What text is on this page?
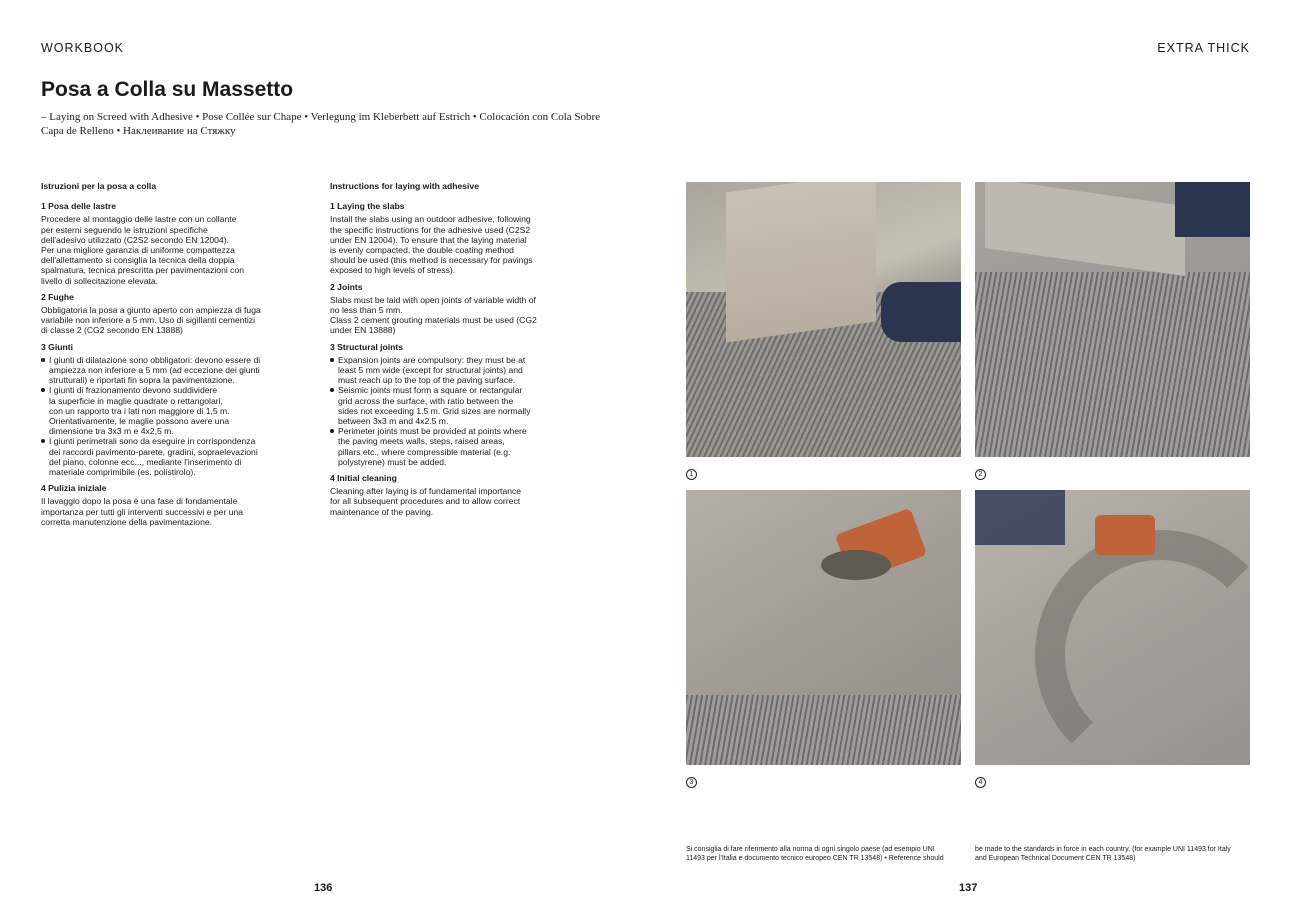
WORKBOOK	EXTRA THICK
Posa a Colla su Massetto
– Laying on Screed with Adhesive • Pose Collée sur Chape • Verlegung im Kleberbett auf Estrich • Colocación con Cola Sobre
Capa de Relleno • Наклеивание на Стяжку
Istruzioni per la posa a colla
1 Posa delle lastre

Procedere al montaggio delle lastre con un collante
per esterni seguendo le istruzioni specifiche
dell'adesivo utilizzato (C2S2 secondo EN 12004).
Per una migliore garanzia di uniforme compattezza
dell'allettamento si consiglia la tecnica della doppia
spalmatura, tecnica prescritta per pavimentazioni con
livello di sollecitazione elevata.

2 Fughe

Obbligatoria la posa a giunto aperto con ampiezza di fuga
variabile non inferiore a 5 mm. Uso di sigillanti cementizi
di classe 2 (CG2 secondo EN 13888)

3 Giunti
I giunti di dilatazione sono obbligatori: devono essere di
ampiezza non inferiore a 5 mm (ad eccezione dei giunti
strutturali) e riportati fin sopra la pavimentazione.
I giunti di frazionamento devono suddividere
la superficie in maglie quadrate o rettangolari,
con un rapporto tra i lati non maggiore di 1,5 m.
Orientativamente, le maglie possono avere una
dimensione tra 3x3 m e 4x2,5 m.
I giunti perimetrali sono da eseguire in corrispondenza
dei raccordi pavimento-parete, gradini, sopraelevazioni
del piano, colonne ecc..., mediante l'inserimento di
materiale comprimibile (es. polistirolo).
4 Pulizia iniziale

Il lavaggio dopo la posa è una fase di fondamentale
importanza per tutti gli interventi successivi e per una
corretta manutenzione della pavimentazione.

Instructions for laying with adhesive
1 Laying the slabs

Install the slabs using an outdoor adhesive, following
the specific instructions for the adhesive used (C2S2
under EN 12004). To ensure that the laying material
is evenly compacted, the double coating method
should be used (this method is necessary for pavings
exposed to high levels of stress).

2 Joints

Slabs must be laid with open joints of variable width of
no less than 5 mm.
Class 2 cement grouting materials must be used (CG2
under EN 13888)

3 Structural joints
Expansion joints are compulsory: they must be at
least 5 mm wide (except for structural joints) and
must reach up to the top of the paving surface.
Seismic joints must form a square or rectangular
grid across the surface, with ratio between the
sides not exceeding 1.5 m. Grid sizes are normally
between 3x3 m and 4x2.5 m.
Perimeter joints must be provided at points where
the paving meets walls, steps, raised areas,
pillars etc., where compressible material (e.g.
polystyrene) must be added.
4 Initial cleaning

Cleaning after laying is of fundamental importance
for all subsequent procedures and to allow correct
maintenance of the paving.

1	2
3	4
Si consiglia di fare riferimento alla norma di ogni singolo paese (ad esempio UNI
11493 per l'Italia e documento tecnico europeo CEN TR 13548) • Reference should
be made to the standards in force in each country, (for example UNI 11493 for Italy
and European Technical Document CEN TR 13548)
136	137
